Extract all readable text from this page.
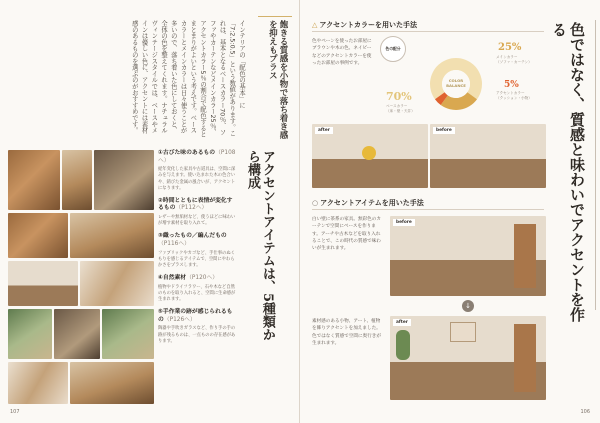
飽きる質感を小物で落ち着き感を抑えもプラス
インテリアの「配色の基本」に「7:2.5:0.5」という数値があります。これは、基本となるベースカラー70％、ソファやカーテンなどメインカラー25％、アクセントカラー5％の割合で配色するとまとまりがよいという考えです。ベースカラーとメインカラーは日々使うことが多いので、落ち着いた色にしておくと、全体の色を整えてくれます。ナチュラルヴィンテージスタイルでは、ベースやメインは優しい色に、アクセントには素材感のあるものを選ぶのがおすすめです。
①古びた味のあるもの（P108へ）
経年変化した家具や古道具は、空間に深みを与えます。使い込まれた木の色合いや、錆びた金属の風合いが、アクセントになります。
②時間とともに表情が変化するもの（P112へ）
レザーや無垢材など、使うほどに味わいが増す素材を取り入れて。
③織ったもの／編んだもの（P116へ）
ファブリックやカゴなど、手仕事のぬくもりを感じるアイテムで、空間にやわらかさをプラスします。
④自然素材（P120へ）
植物やドライフラワー、石や木など自然のものを取り入れると、空間に生命感が生まれます。
⑤手作業の跡が感じられるもの（P126へ）
陶器や手吹きガラスなど、作り手の手の跡が残るものは、一点ものの存在感があります。
アクセントアイテムは、5種類から構成
107
色ではなく、質感と味わいでアクセントを作る
△ アクセントカラーを用いた手法
色やペーンを使ったお部屋にブラウンや木の色、ネイビーなどのアクセントカラーを使ったお部屋の事例です。
色の配分
COLOR BALANCE
70%
ベースカラー
（床・壁・天井）
25%
メインカラー
（ソファ・カーテン）
5%
アクセントカラー
（クッション・小物）
after	before
○ アクセントアイテムを用いた手法
白い壁に茶系の家具。無彩色のカーテンで空間にベースを作ります。アーチや古木などを取り入れることで、この時代の質感で味わいが生まれます。
before
↓
素材感のある小物、アート、植物を飾りアクセントを加えました。色ではなく質感で空間に奥行きが生まれます。
after
106
